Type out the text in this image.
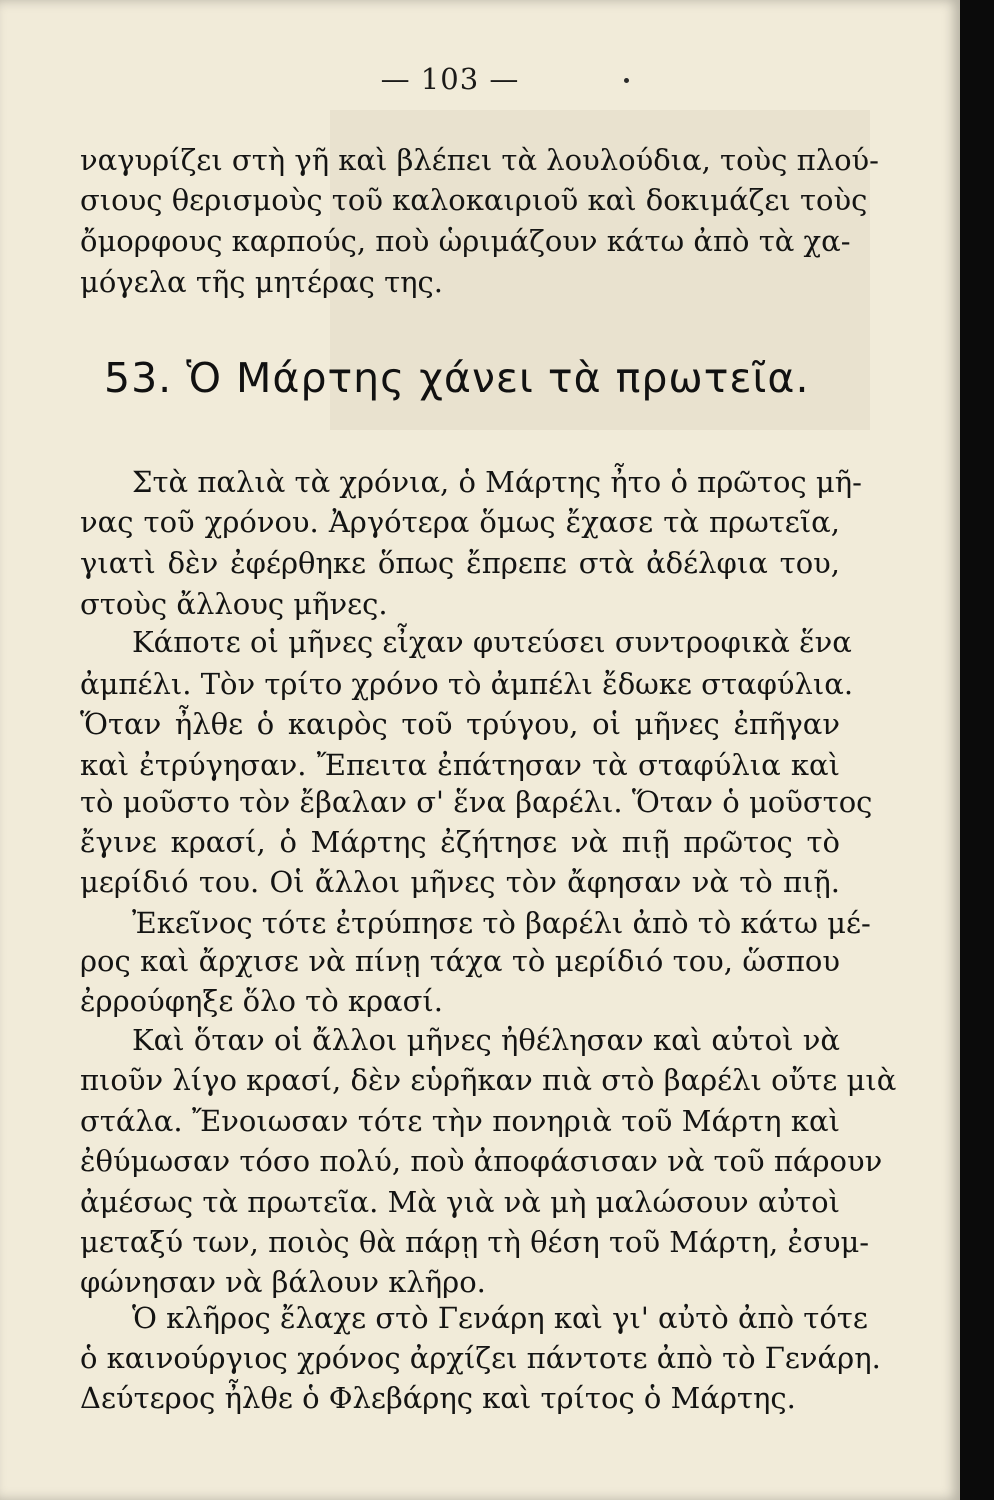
— 103 —
ναγυρίζει στὴ γῆ καὶ βλέπει τὰ λουλούδια, τοὺς πλού-
σιους θερισμοὺς τοῦ καλοκαιριοῦ καὶ δοκιμάζει τοὺς
ὄμορφους καρπούς, ποὺ ὡριμάζουν κάτω ἀπὸ τὰ χα-
μόγελα τῆς μητέρας της.
53. Ὁ Μάρτης χάνει τὰ πρωτεῖα.
Στὰ παλιὰ τὰ χρόνια, ὁ Μάρτης ἦτο ὁ πρῶτος μῆ-
νας τοῦ χρόνου. Ἀργότερα ὅμως ἔχασε τὰ πρωτεῖα,
γιατὶ δὲν ἐφέρθηκε ὅπως ἔπρεπε στὰ ἀδέλφια του,
στοὺς ἄλλους μῆνες.
Κάποτε οἱ μῆνες εἶχαν φυτεύσει συντροφικὰ ἕνα
ἀμπέλι. Τὸν τρίτο χρόνο τὸ ἀμπέλι ἔδωκε σταφύλια.
Ὅταν ἦλθε ὁ καιρὸς τοῦ τρύγου, οἱ μῆνες ἐπῆγαν
καὶ ἐτρύγησαν. Ἔπειτα ἐπάτησαν τὰ σταφύλια καὶ
τὸ μοῦστο τὸν ἔβαλαν σ' ἕνα βαρέλι. Ὅταν ὁ μοῦστος
ἔγινε κρασί, ὁ Μάρτης ἐζήτησε νὰ πιῇ πρῶτος τὸ
μερίδιό του. Οἱ ἄλλοι μῆνες τὸν ἄφησαν νὰ τὸ πιῇ.
Ἐκεῖνος τότε ἐτρύπησε τὸ βαρέλι ἀπὸ τὸ κάτω μέ-
ρος καὶ ἄρχισε νὰ πίνῃ τάχα τὸ μερίδιό του, ὥσπου
ἐρρούφηξε ὅλο τὸ κρασί.
Καὶ ὅταν οἱ ἄλλοι μῆνες ἠθέλησαν καὶ αὐτοὶ νὰ
πιοῦν λίγο κρασί, δὲν εὑρῆκαν πιὰ στὸ βαρέλι οὔτε μιὰ
στάλα. Ἔνοιωσαν τότε τὴν πονηριὰ τοῦ Μάρτη καὶ
ἐθύμωσαν τόσο πολύ, ποὺ ἀποφάσισαν νὰ τοῦ πάρουν
ἀμέσως τὰ πρωτεῖα. Μὰ γιὰ νὰ μὴ μαλώσουν αὐτοὶ
μεταξύ των, ποιὸς θὰ πάρῃ τὴ θέση τοῦ Μάρτη, ἐσυμ-
φώνησαν νὰ βάλουν κλῆρο.
Ὁ κλῆρος ἔλαχε στὸ Γενάρη καὶ γι' αὐτὸ ἀπὸ τότε
ὁ καινούργιος χρόνος ἀρχίζει πάντοτε ἀπὸ τὸ Γενάρη.
Δεύτερος ἦλθε ὁ Φλεβάρης καὶ τρίτος ὁ Μάρτης.
